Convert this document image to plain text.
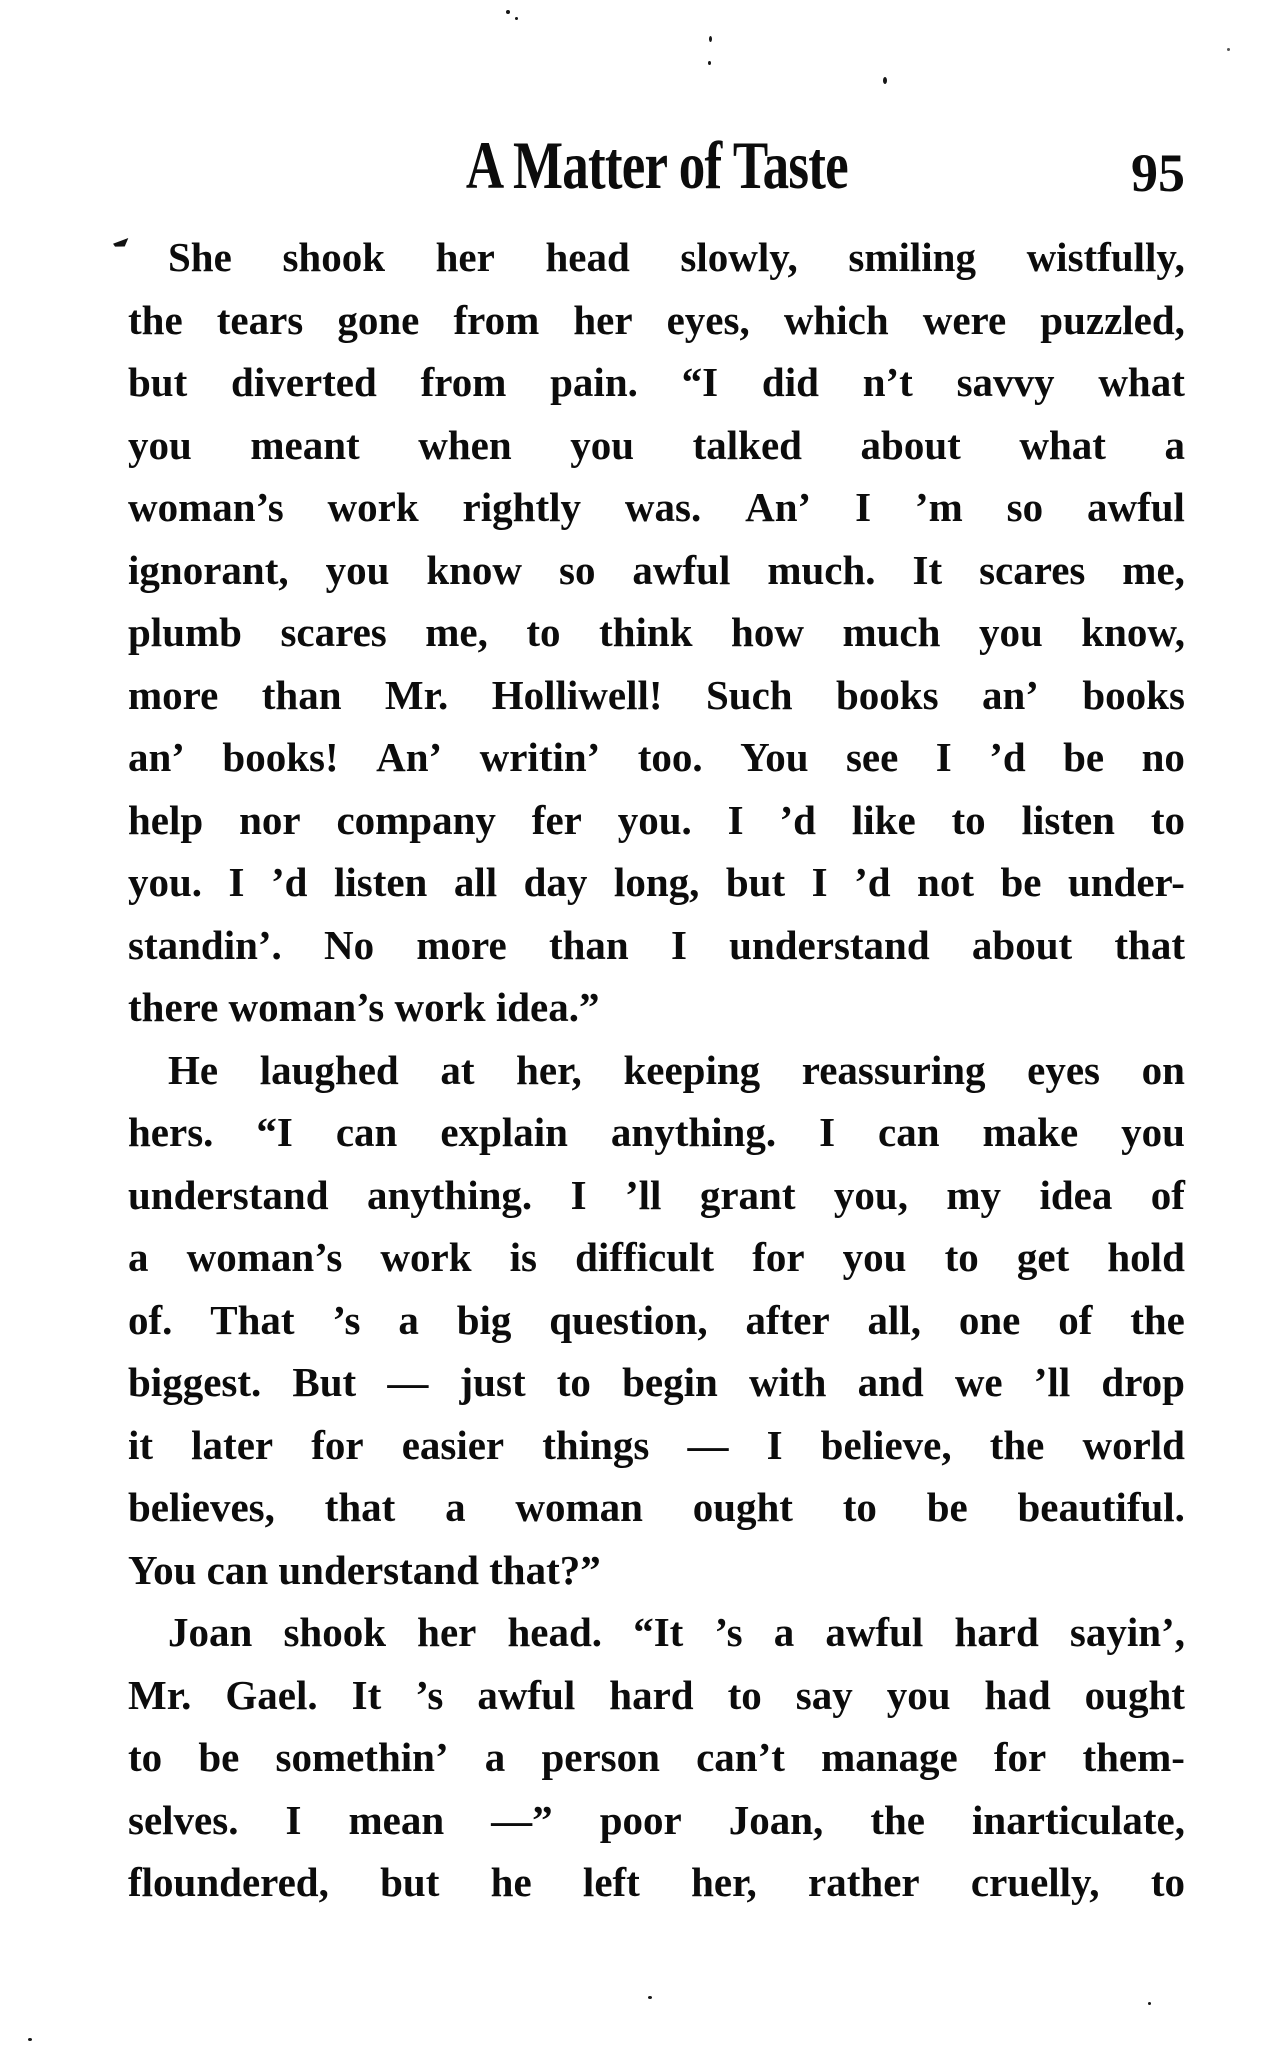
A Matter of Taste	95
She shook her head slowly, smiling wistfully,
the tears gone from her eyes, which were puzzled,
but diverted from pain. “I did n’t savvy what
you meant when you talked about what a
woman’s work rightly was. An’ I ’m so awful
ignorant, you know so awful much. It scares me,
plumb scares me, to think how much you know,
more than Mr. Holliwell! Such books an’ books
an’ books! An’ writin’ too. You see I ’d be no
help nor company fer you. I ’d like to listen to
you. I ’d listen all day long, but I ’d not be under-
standin’. No more than I understand about that
there woman’s work idea.”
He laughed at her, keeping reassuring eyes on
hers. “I can explain anything. I can make you
understand anything. I ’ll grant you, my idea of
a woman’s work is difficult for you to get hold
of. That ’s a big question, after all, one of the
biggest. But — just to begin with and we ’ll drop
it later for easier things — I believe, the world
believes, that a woman ought to be beautiful.
You can understand that?”
Joan shook her head. “It ’s a awful hard sayin’,
Mr. Gael. It ’s awful hard to say you had ought
to be somethin’ a person can’t manage for them-
selves. I mean —” poor Joan, the inarticulate,
floundered, but he left her, rather cruelly, to
